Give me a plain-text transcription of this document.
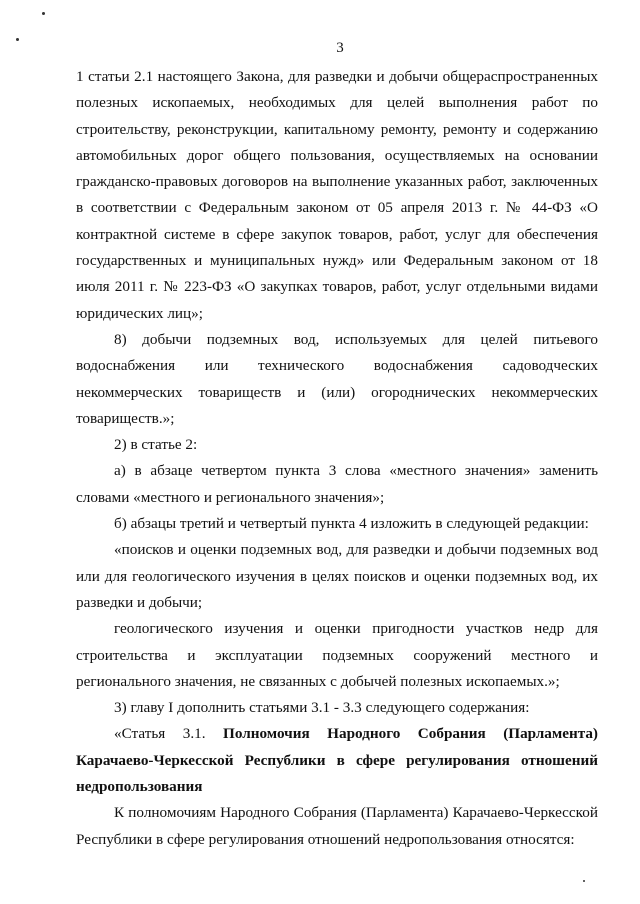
3

1 статьи 2.1 настоящего Закона, для разведки и добычи общераспространенных полезных ископаемых, необходимых для целей выполнения работ по строительству, реконструкции, капитальному ремонту, ремонту и содержанию автомобильных дорог общего пользования, осуществляемых на основании гражданско-правовых договоров на выполнение указанных работ, заключенных в соответствии с Федеральным законом от 05 апреля 2013 г. № 44-ФЗ «О контрактной системе в сфере закупок товаров, работ, услуг для обеспечения государственных и муниципальных нужд» или Федеральным законом от 18 июля 2011 г. № 223-ФЗ «О закупках товаров, работ, услуг отдельными видами юридических лиц»;

8) добычи подземных вод, используемых для целей питьевого водоснабжения или технического водоснабжения садоводческих некоммерческих товариществ и (или) огороднических некоммерческих товариществ.»;

2) в статье 2:

а) в абзаце четвертом пункта 3 слова «местного значения» заменить словами «местного и регионального значения»;

б) абзацы третий и четвертый пункта 4 изложить в следующей редакции:

«поисков и оценки подземных вод, для разведки и добычи подземных вод или для геологического изучения в целях поисков и оценки подземных вод, их разведки и добычи;

геологического изучения и оценки пригодности участков недр для строительства и эксплуатации подземных сооружений местного и регионального значения, не связанных с добычей полезных ископаемых.»;

3) главу I дополнить статьями 3.1 - 3.3 следующего содержания:

«Статья 3.1. Полномочия Народного Собрания (Парламента) Карачаево-Черкесской Республики в сфере регулирования отношений недропользования

К полномочиям Народного Собрания (Парламента) Карачаево-Черкесской Республики в сфере регулирования отношений недропользования относятся:
